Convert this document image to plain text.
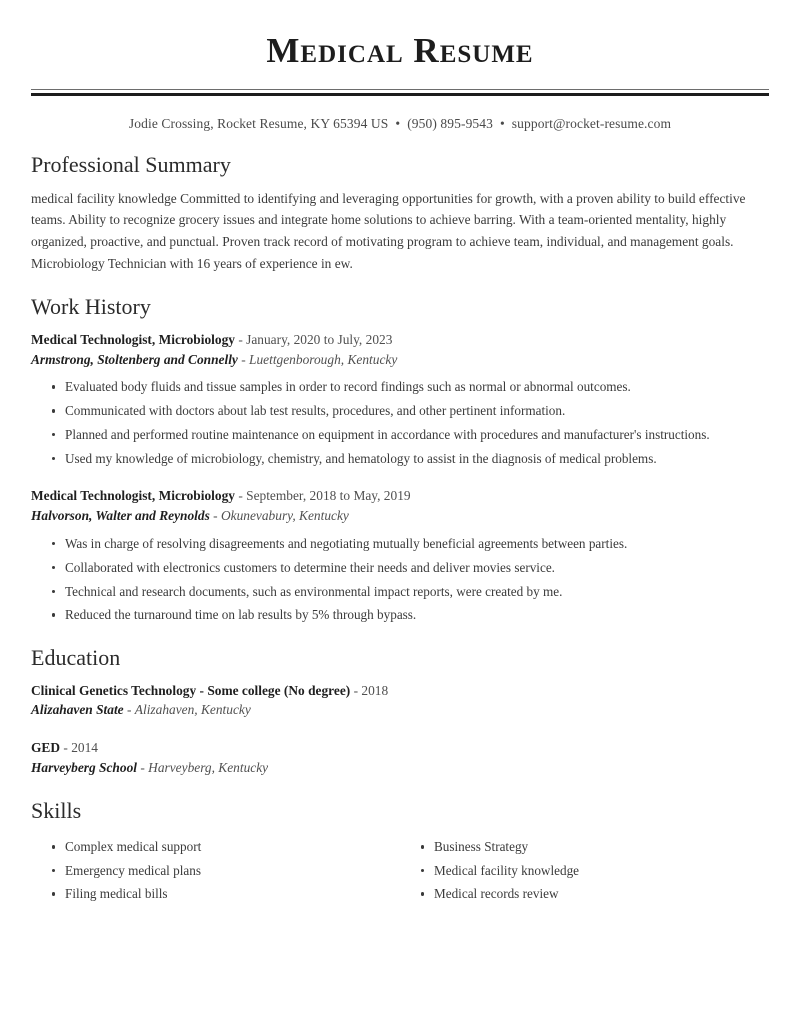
Medical Resume
Jodie Crossing, Rocket Resume, KY 65394 US • (950) 895-9543 • support@rocket-resume.com
Professional Summary

medical facility knowledge Committed to identifying and leveraging opportunities for growth, with a proven ability to build effective teams. Ability to recognize grocery issues and integrate home solutions to achieve barring. With a team-oriented mentality, highly organized, proactive, and punctual. Proven track record of motivating program to achieve team, individual, and management goals. Microbiology Technician with 16 years of experience in ew.

Work History
Medical Technologist, Microbiology - January, 2020 to July, 2023
Armstrong, Stoltenberg and Connelly - Luettgenborough, Kentucky
Evaluated body fluids and tissue samples in order to record findings such as normal or abnormal outcomes.
Communicated with doctors about lab test results, procedures, and other pertinent information.
Planned and performed routine maintenance on equipment in accordance with procedures and manufacturer's instructions.
Used my knowledge of microbiology, chemistry, and hematology to assist in the diagnosis of medical problems.
Medical Technologist, Microbiology - September, 2018 to May, 2019
Halvorson, Walter and Reynolds - Okunevabury, Kentucky
Was in charge of resolving disagreements and negotiating mutually beneficial agreements between parties.
Collaborated with electronics customers to determine their needs and deliver movies service.
Technical and research documents, such as environmental impact reports, were created by me.
Reduced the turnaround time on lab results by 5% through bypass.
Education
Clinical Genetics Technology - Some college (No degree) - 2018
Alizahaven State - Alizahaven, Kentucky
GED - 2014
Harveyberg School - Harveyberg, Kentucky
Skills
Complex medical support
Emergency medical plans
Filing medical bills
Business Strategy
Medical facility knowledge
Medical records review
